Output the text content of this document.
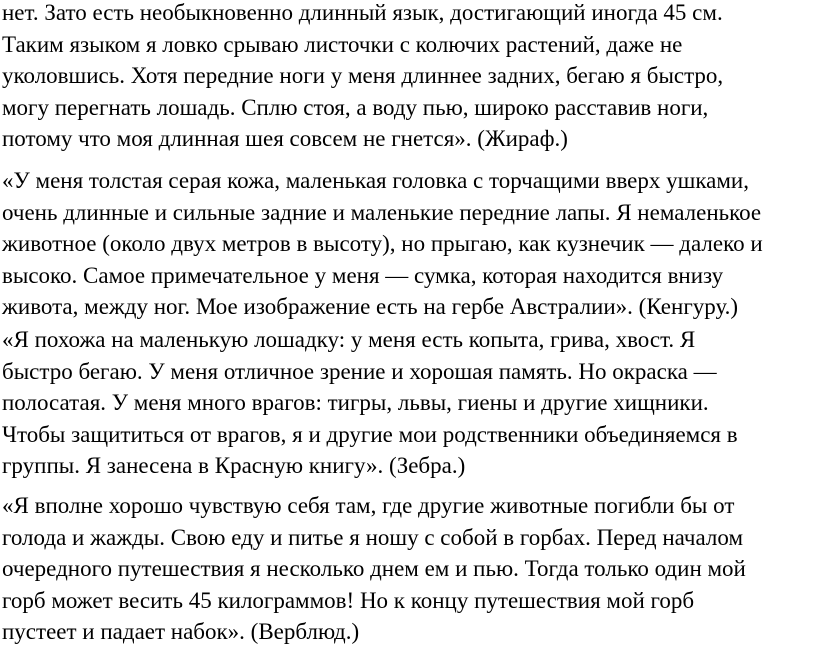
нет. Зато есть необыкновенно длинный язык, достигающий иногда 45 см.
Таким языком я ловко срываю листочки с колючих растений, даже не
уколовшись. Хотя передние ноги у меня длиннее задних, бегаю я быстро,
могу перегнать лошадь. Сплю стоя, а воду пью, широко расставив ноги,
потому что моя длинная шея совсем не гнется». (Жираф.)
«У меня толстая серая кожа, маленькая головка с торчащими вверх ушками,
очень длинные и сильные задние и маленькие передние лапы. Я немаленькое
животное (около двух метров в высоту), но прыгаю, как кузнечик — далеко и
высоко. Самое примечательное у меня — сумка, которая находится внизу
живота, между ног. Мое изображение есть на гербе Австралии». (Кенгуру.)
«Я похожа на маленькую лошадку: у меня есть копыта, грива, хвост. Я
быстро бегаю. У меня отличное зрение и хорошая память. Но окраска —
полосатая. У меня много врагов: тигры, львы, гиены и другие хищники.
Чтобы защититься от врагов, я и другие мои родственники объединяемся в
группы. Я занесена в Красную книгу». (Зебра.)
«Я вполне хорошо чувствую себя там, где другие животные погибли бы от
голода и жажды. Свою еду и питье я ношу с собой в горбах. Перед началом
очередного путешествия я несколько днем ем и пью. Тогда только один мой
горб может весить 45 килограммов! Но к концу путешествия мой горб
пустеет и падает набок». (Верблюд.)
